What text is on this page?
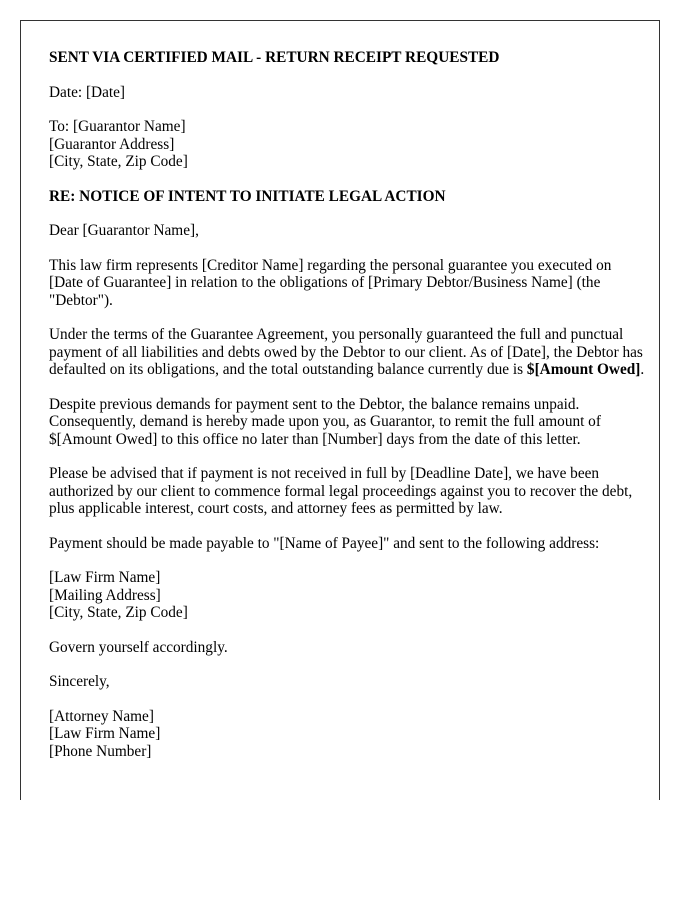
SENT VIA CERTIFIED MAIL - RETURN RECEIPT REQUESTED

Date: [Date]

To: [Guarantor Name]
[Guarantor Address]
[City, State, Zip Code]

RE: NOTICE OF INTENT TO INITIATE LEGAL ACTION

Dear [Guarantor Name],

This law firm represents [Creditor Name] regarding the personal guarantee you executed on [Date of Guarantee] in relation to the obligations of [Primary Debtor/Business Name] (the "Debtor").

Under the terms of the Guarantee Agreement, you personally guaranteed the full and punctual payment of all liabilities and debts owed by the Debtor to our client. As of [Date], the Debtor has defaulted on its obligations, and the total outstanding balance currently due is $[Amount Owed].

Despite previous demands for payment sent to the Debtor, the balance remains unpaid. Consequently, demand is hereby made upon you, as Guarantor, to remit the full amount of $[Amount Owed] to this office no later than [Number] days from the date of this letter.

Please be advised that if payment is not received in full by [Deadline Date], we have been authorized by our client to commence formal legal proceedings against you to recover the debt, plus applicable interest, court costs, and attorney fees as permitted by law.

Payment should be made payable to "[Name of Payee]" and sent to the following address:

[Law Firm Name]
[Mailing Address]
[City, State, Zip Code]

Govern yourself accordingly.

Sincerely,

[Attorney Name]
[Law Firm Name]
[Phone Number]
